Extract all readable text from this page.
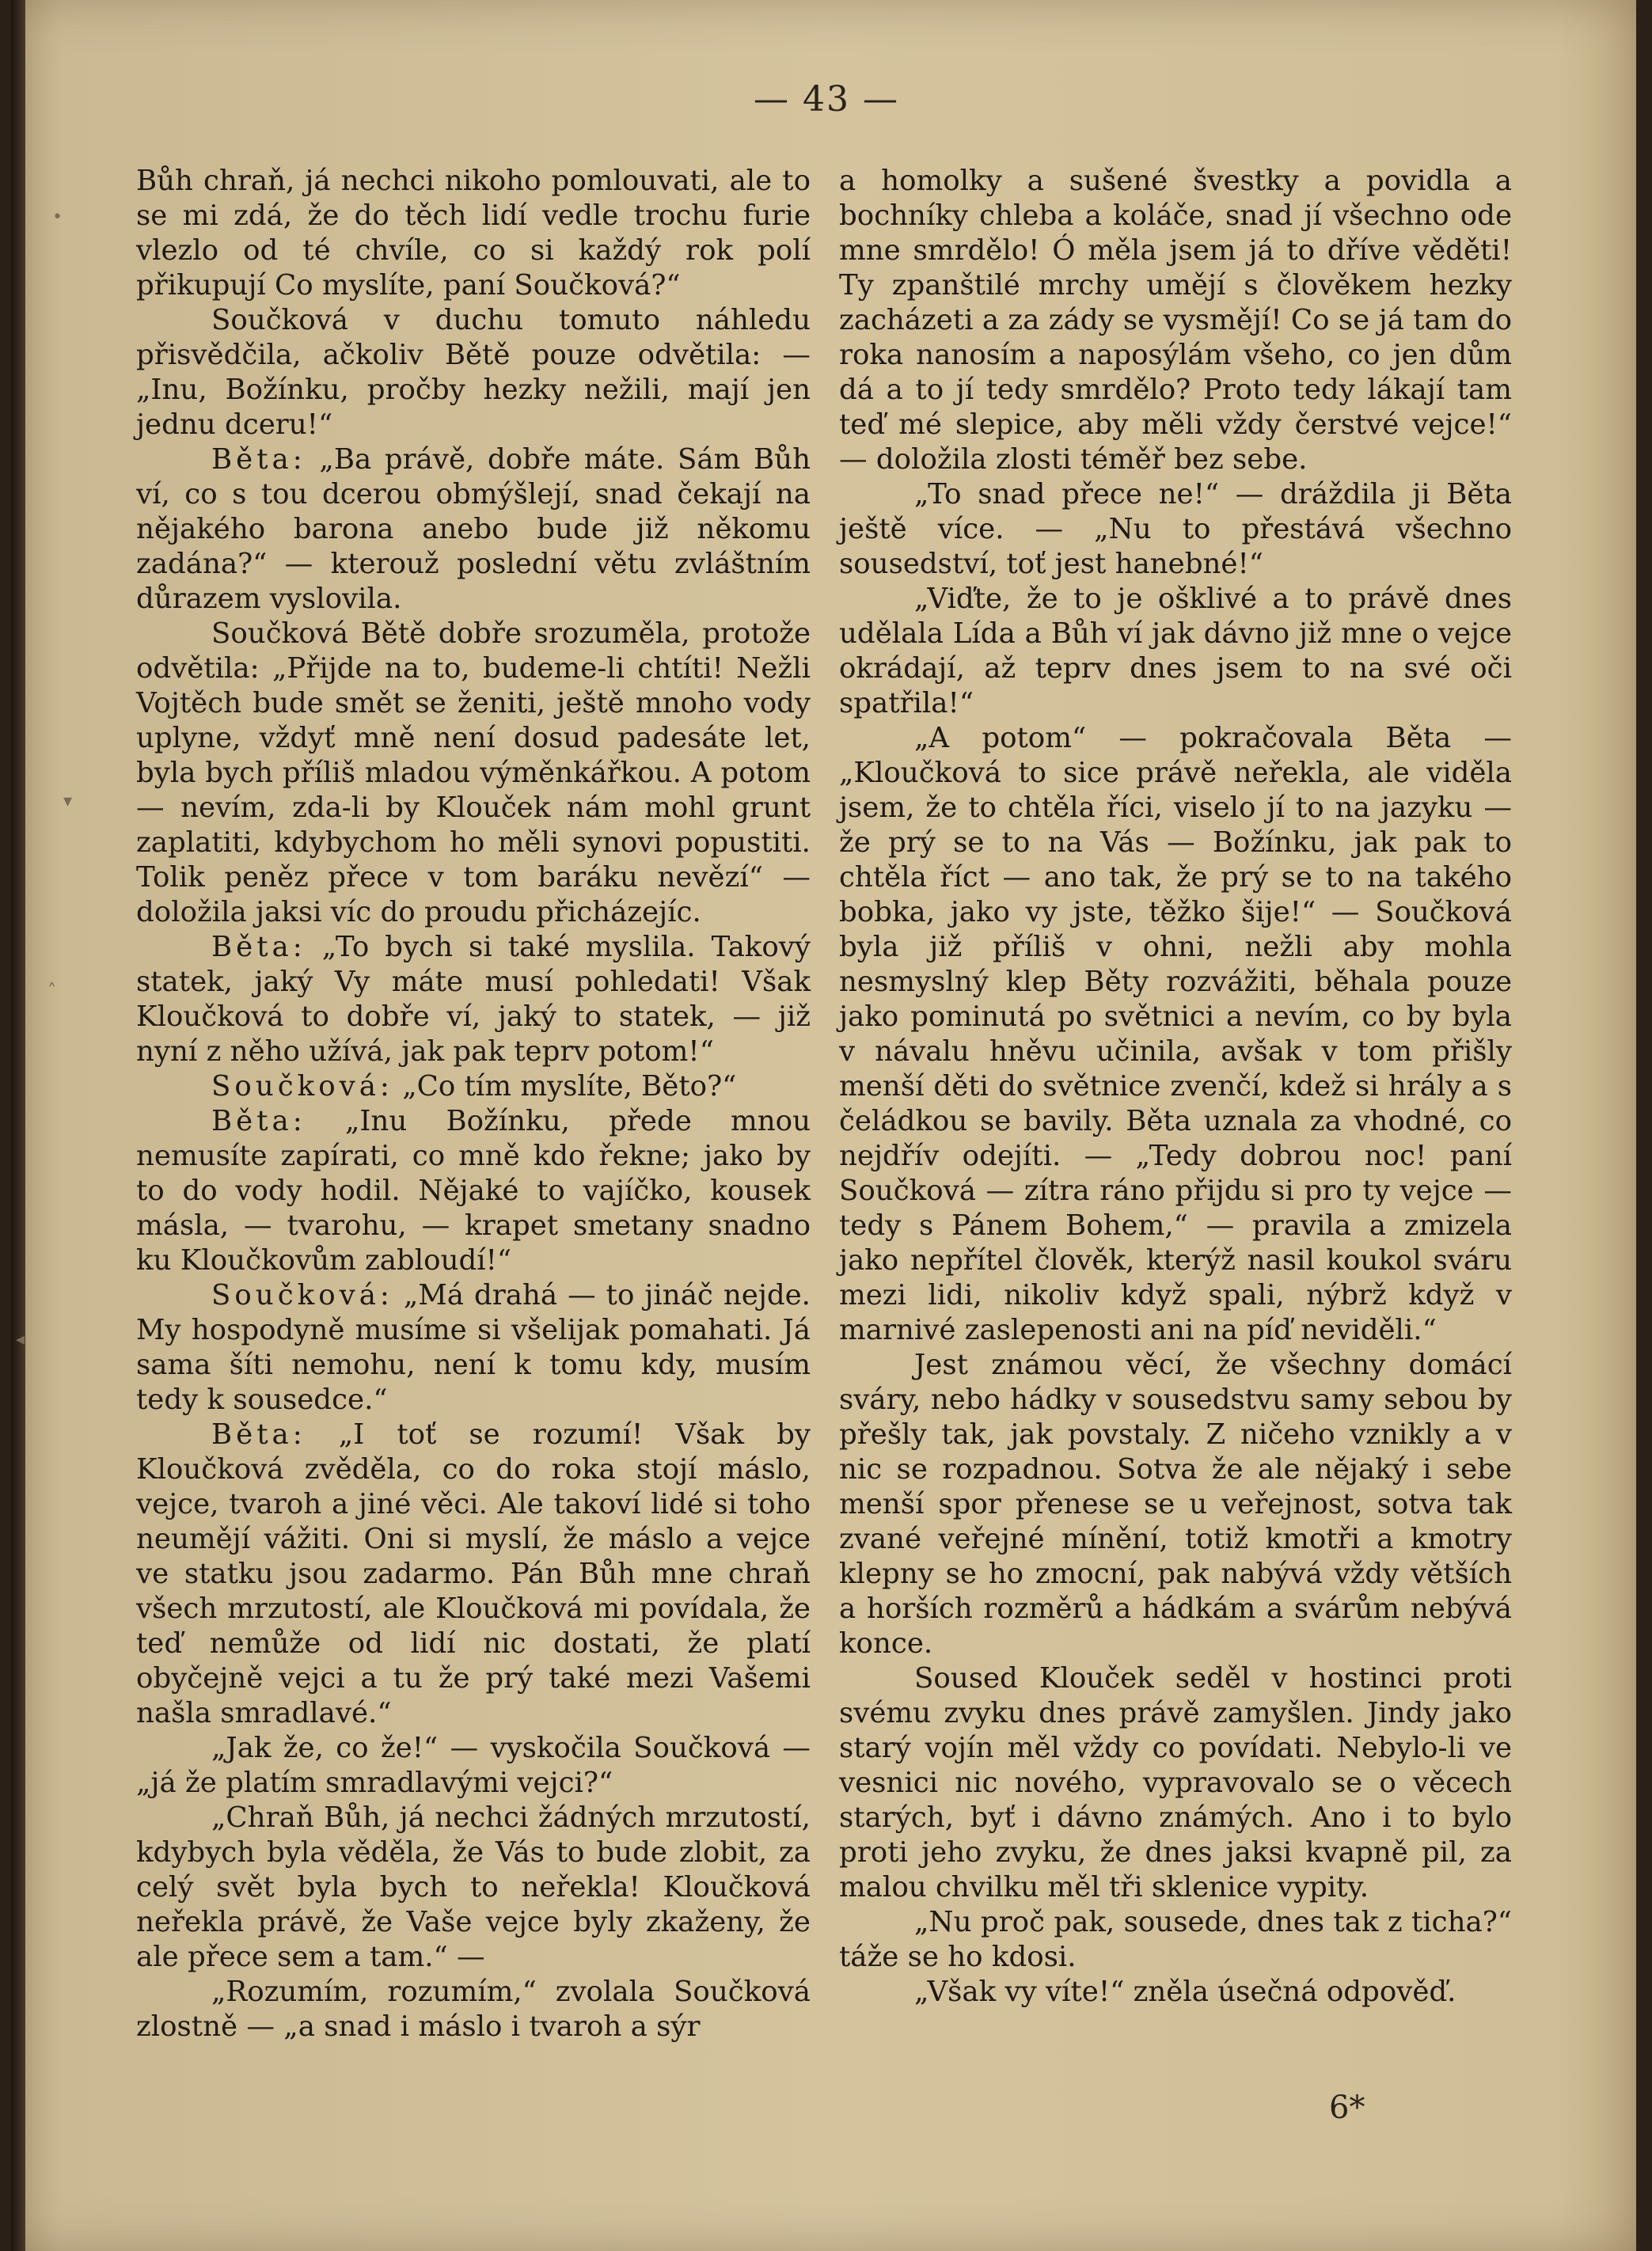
— 43 —
•
▾
˄
◂

Bůh chraň, já nechci nikoho pomlouvati, ale to se mi zdá, že do těch lidí vedle trochu furie vlezlo od té chvíle, co si každý rok polí přikupují Co myslíte, paní Součková?“

Součková v duchu tomuto náhledu přisvědčila, ačkoliv Bětě pouze odvětila: — „Inu, Božínku, pročby hezky nežili, mají jen jednu dceru!“

Běta: „Ba právě, dobře máte. Sám Bůh ví, co s tou dcerou obmýšlejí, snad čekají na nějakého barona anebo bude již někomu zadána?“ — kterouž poslední větu zvláštním důrazem vyslovila.

Součková Bětě dobře srozuměla, protože odvětila: „Přijde na to, budeme-li chtíti! Nežli Vojtěch bude smět se ženiti, ještě mnoho vody uplyne, vždyť mně není dosud padesáte let, byla bych příliš mladou výměnkářkou. A potom — nevím, zda-li by Klouček nám mohl grunt zaplatiti, kdybychom ho měli synovi popustiti. Tolik peněz přece v tom baráku nevězí“ — doložila jaksi víc do proudu přicházejíc.

Běta: „To bych si také myslila. Takový statek, jaký Vy máte musí pohledati! Však Kloučková to dobře ví, jaký to statek, — již nyní z něho užívá, jak pak teprv potom!“

Součková: „Co tím myslíte, Běto?“

Běta: „Inu Božínku, přede mnou nemusíte zapírati, co mně kdo řekne; jako by to do vody hodil. Nějaké to vajíčko, kousek másla, — tvarohu, — krapet smetany snadno ku Kloučkovům zabloudí!“

Součková: „Má drahá — to jináč nejde. My hospodyně musíme si všelijak pomahati. Já sama šíti nemohu, není k tomu kdy, musím tedy k sousedce.“

Běta: „I toť se rozumí! Však by Kloučková zvěděla, co do roka stojí máslo, vejce, tvaroh a jiné věci. Ale takoví lidé si toho neumějí vážiti. Oni si myslí, že máslo a vejce ve statku jsou zadarmo. Pán Bůh mne chraň všech mrzutostí, ale Kloučková mi povídala, že teď nemůže od lidí nic dostati, že platí obyčejně vejci a tu že prý také mezi Vašemi našla smradlavé.“

„Jak že, co že!“ — vyskočila Součková — „já že platím smradlavými vejci?“

„Chraň Bůh, já nechci žádných mrzutostí, kdybych byla věděla, že Vás to bude zlobit, za celý svět byla bych to neřekla! Kloučková neřekla právě, že Vaše vejce byly zkaženy, že ale přece sem a tam.“ —

„Rozumím, rozumím,“ zvolala Součková zlostně — „a snad i máslo i tvaroh a sýr

a homolky a sušené švestky a povidla a bochníky chleba a koláče, snad jí všechno ode mne smrdělo! Ó měla jsem já to dříve věděti! Ty zpanštilé mrchy umějí s člověkem hezky zacházeti a za zády se vysmějí! Co se já tam do roka nanosím a naposýlám všeho, co jen dům dá a to jí tedy smrdělo? Proto tedy lákají tam teď mé slepice, aby měli vždy čerstvé vejce!“ — doložila zlosti téměř bez sebe.

„To snad přece ne!“ — dráždila ji Běta ještě více. — „Nu to přestává všechno sousedství, toť jest hanebné!“

„Viďte, že to je ošklivé a to právě dnes udělala Lída a Bůh ví jak dávno již mne o vejce okrádají, až teprv dnes jsem to na své oči spatřila!“

„A potom“ — pokračovala Běta — „Kloučková to sice právě neřekla, ale viděla jsem, že to chtěla říci, viselo jí to na jazyku — že prý se to na Vás — Božínku, jak pak to chtěla říct — ano tak, že prý se to na takého bobka, jako vy jste, těžko šije!“ — Součková byla již příliš v ohni, nežli aby mohla nesmyslný klep Běty rozvážiti, běhala pouze jako pominutá po světnici a nevím, co by byla v návalu hněvu učinila, avšak v tom přišly menší děti do světnice zvenčí, kdež si hrály a s čeládkou se bavily. Běta uznala za vhodné, co nejdřív odejíti. — „Tedy dobrou noc! paní Součková — zítra ráno přijdu si pro ty vejce — tedy s Pánem Bohem,“ — pravila a zmizela jako nepřítel člověk, kterýž nasil koukol sváru mezi lidi, nikoliv když spali, nýbrž když v marnivé zaslepenosti ani na píď neviděli.“

Jest známou věcí, že všechny domácí sváry, nebo hádky v sousedstvu samy sebou by přešly tak, jak povstaly. Z ničeho vznikly a v nic se rozpadnou. Sotva že ale nějaký i sebe menší spor přenese se u veřejnost, sotva tak zvané veřejné mínění, totiž kmotři a kmotry klepny se ho zmocní, pak nabývá vždy větších a horších rozměrů a hádkám a svárům nebývá konce.

Soused Klouček seděl v hostinci proti svému zvyku dnes právě zamyšlen. Jindy jako starý vojín měl vždy co povídati. Nebylo-li ve vesnici nic nového, vypravovalo se o věcech starých, byť i dávno známých. Ano i to bylo proti jeho zvyku, že dnes jaksi kvapně pil, za malou chvilku měl tři sklenice vypity.

„Nu proč pak, sousede, dnes tak z ticha?“ táže se ho kdosi.

„Však vy víte!“ zněla úsečná odpověď.

6*
